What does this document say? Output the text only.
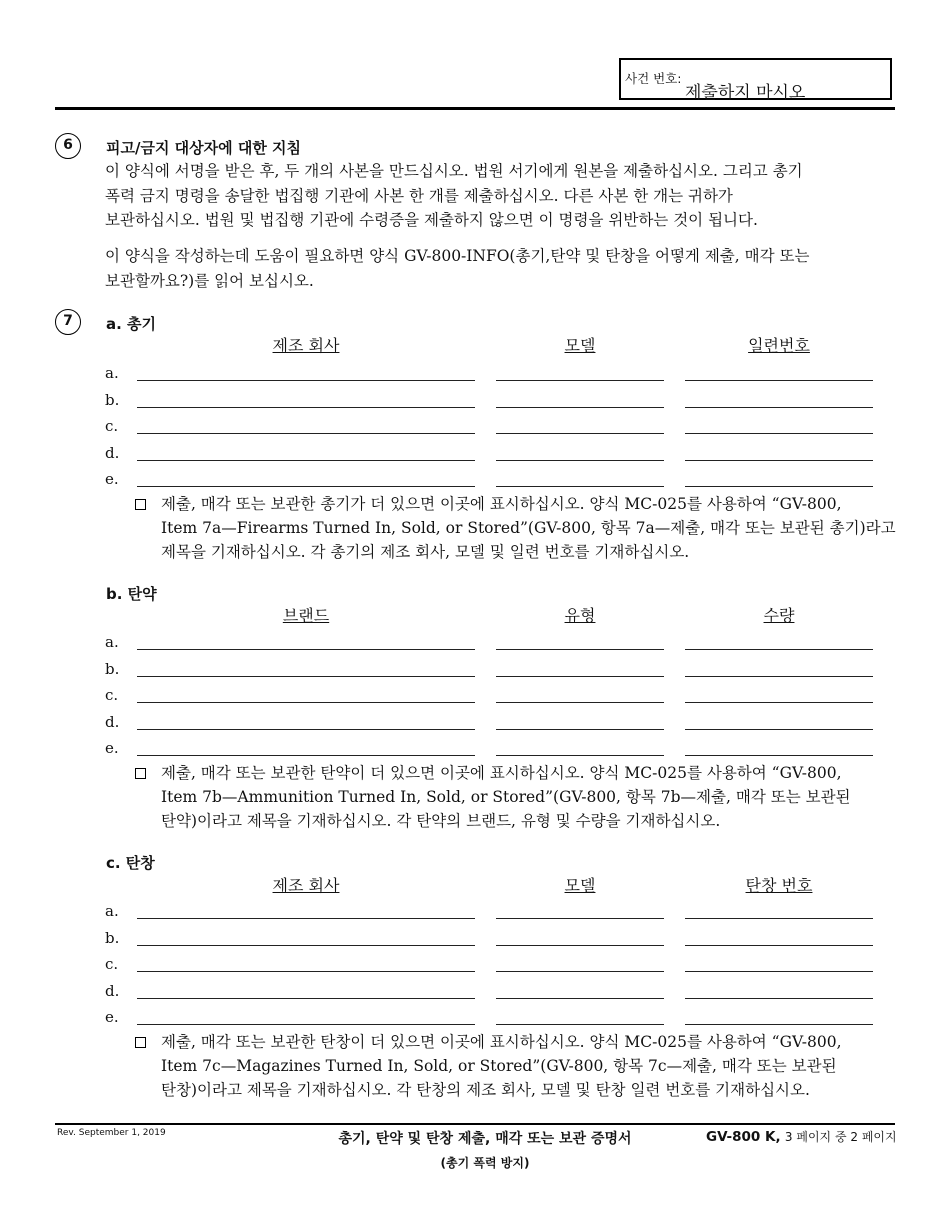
사건 번호:
제출하지 마시오
6	피고/금지 대상자에 대한 지침
이 양식에 서명을 받은 후, 두 개의 사본을 만드십시오. 법원 서기에게 원본을 제출하십시오. 그리고 총기
폭력 금지 명령을 송달한 법집행 기관에 사본 한 개를 제출하십시오. 다른 사본 한 개는 귀하가
보관하십시오. 법원 및 법집행 기관에 수령증을 제출하지 않으면 이 명령을 위반하는 것이 됩니다.
이 양식을 작성하는데 도움이 필요하면 양식 GV-800-INFO(총기,탄약 및 탄창을 어떻게 제출, 매각 또는
보관할까요?)를 읽어 보십시오.
7	a. 총기
제조 회사	모델	일련번호
a.
b.
c.
d.
e.
제출, 매각 또는 보관한 총기가 더 있으면 이곳에 표시하십시오. 양식 MC-025를 사용하여 “GV-800,
Item 7a—Firearms Turned In, Sold, or Stored”(GV-800, 항목 7a—제출, 매각 또는 보관된 총기)라고
제목을 기재하십시오. 각 총기의 제조 회사, 모델 및 일련 번호를 기재하십시오.
b. 탄약
브랜드	유형	수량
a.
b.
c.
d.
e.
제출, 매각 또는 보관한 탄약이 더 있으면 이곳에 표시하십시오. 양식 MC-025를 사용하여 “GV-800,
Item 7b—Ammunition Turned In, Sold, or Stored”(GV-800, 항목 7b—제출, 매각 또는 보관된
탄약)이라고 제목을 기재하십시오. 각 탄약의 브랜드, 유형 및 수량을 기재하십시오.
c. 탄창
제조 회사	모델	탄창 번호
a.
b.
c.
d.
e.
제출, 매각 또는 보관한 탄창이 더 있으면 이곳에 표시하십시오. 양식 MC-025를 사용하여 “GV-800,
Item 7c—Magazines Turned In, Sold, or Stored”(GV-800, 항목 7c—제출, 매각 또는 보관된
탄창)이라고 제목을 기재하십시오. 각 탄창의 제조 회사, 모델 및 탄창 일련 번호를 기재하십시오.
Rev. September 1, 2019	총기, 탄약 및 탄창 제출, 매각 또는 보관 증명서
(총기 폭력 방지)
GV-800 K, 3 페이지 중 2 페이지
